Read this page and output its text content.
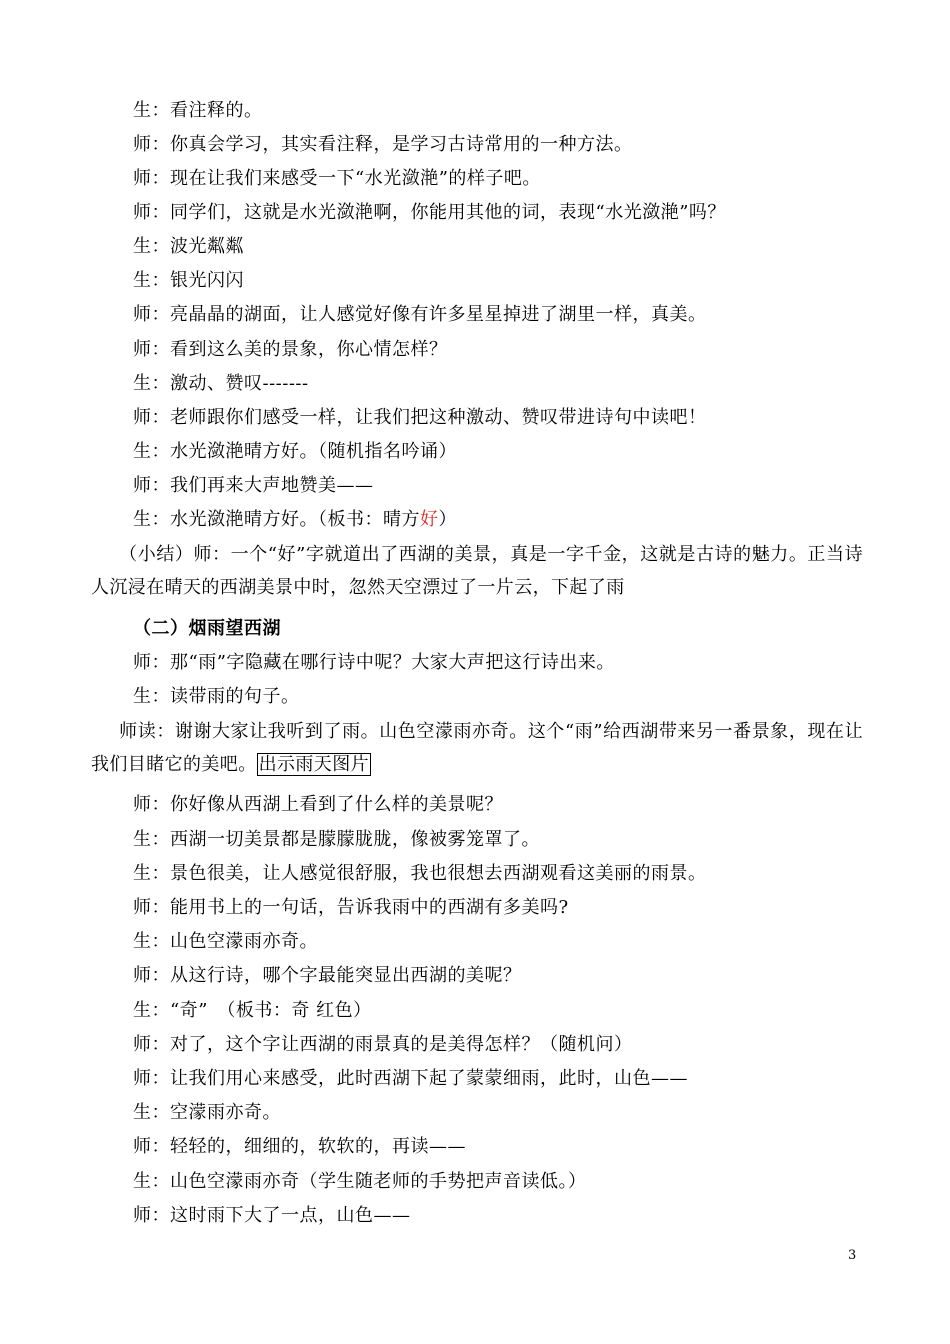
生：看注释的。
师：你真会学习，其实看注释，是学习古诗常用的一种方法。
师：现在让我们来感受一下“水光潋滟”的样子吧。
师：同学们，这就是水光潋滟啊，你能用其他的词，表现“水光潋滟”吗？
生：波光粼粼
生：银光闪闪
师：亮晶晶的湖面，让人感觉好像有许多星星掉进了湖里一样，真美。
师：看到这么美的景象，你心情怎样？
生：激动、赞叹-------
师：老师跟你们感受一样，让我们把这种激动、赞叹带进诗句中读吧！
生：水光潋滟晴方好。（随机指名吟诵）
师：我们再来大声地赞美——
生：水光潋滟晴方好。（板书：晴方好）
（小结）师：一个“好”字就道出了西湖的美景，真是一字千金，这就是古诗的魅力。正当诗人沉浸在晴天的西湖美景中时，忽然天空漂过了一片云，下起了雨
（二）烟雨望西湖
师：那“雨”字隐藏在哪行诗中呢？大家大声把这行诗出来。
生：读带雨的句子。
师读：谢谢大家让我听到了雨。山色空濛雨亦奇。这个“雨”给西湖带来另一番景象，现在让我们目睹它的美吧。 出示雨天图片
师：你好像从西湖上看到了什么样的美景呢？
生：西湖一切美景都是朦朦胧胧，像被雾笼罩了。
生：景色很美，让人感觉很舒服，我也很想去西湖观看这美丽的雨景。
师：能用书上的一句话，告诉我雨中的西湖有多美吗?
生：山色空濛雨亦奇。
师：从这行诗，哪个字最能突显出西湖的美呢？
生：“奇”　（板书：奇 红色）
师：对了，这个字让西湖的雨景真的是美得怎样？（随机问）
师：让我们用心来感受，此时西湖下起了蒙蒙细雨，此时，山色——
生：空濛雨亦奇。
师：轻轻的，细细的，软软的，再读——
生：山色空濛雨亦奇（学生随老师的手势把声音读低。）
师：这时雨下大了一点，山色——
3
